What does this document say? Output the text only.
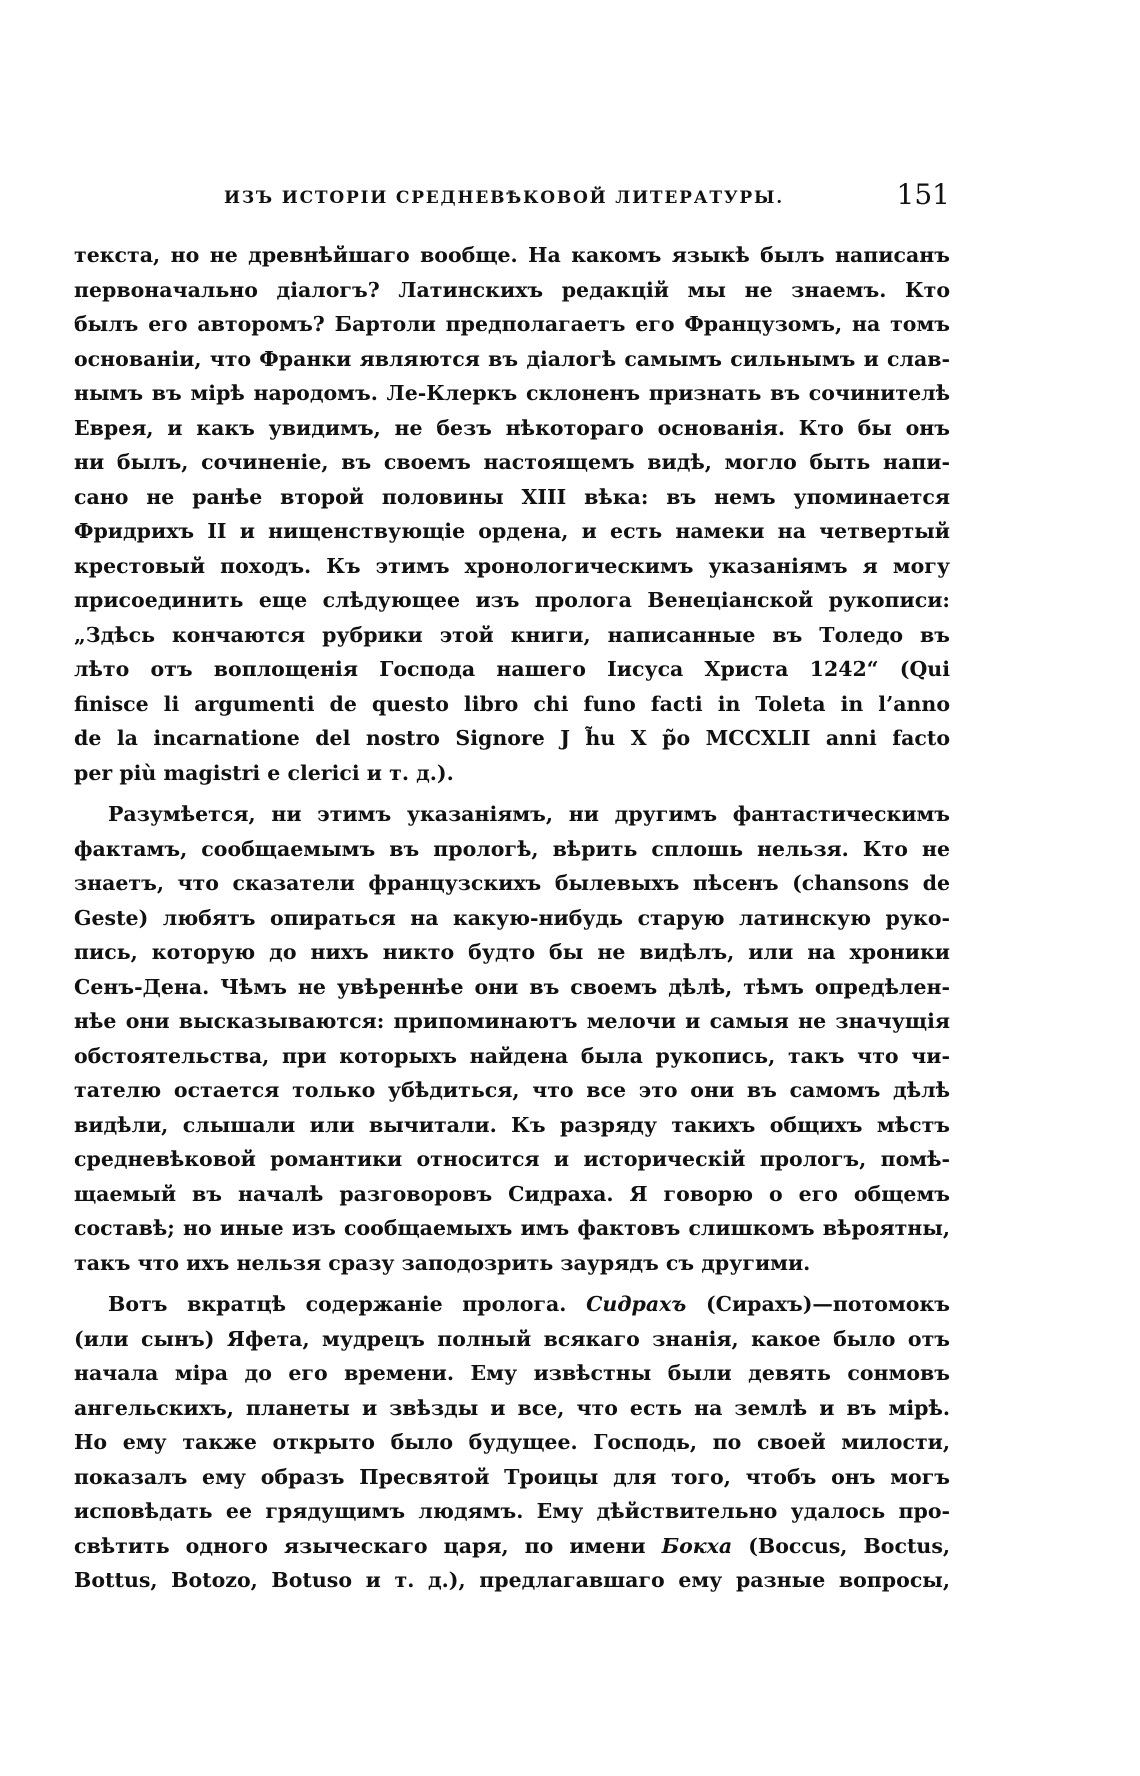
ИЗЪ ИСТОРІИ СРЕДНЕВѢКОВОЙ ЛИТЕРАТУРЫ.	151
текста, но не древнѣйшаго вообще. На какомъ языкѣ былъ написанъ
первоначально діалогъ? Латинскихъ редакцій мы не знаемъ. Кто
былъ его авторомъ? Бартоли предполагаетъ его Французомъ, на томъ
основаніи, что Франки являются въ діалогѣ самымъ сильнымъ и слав-
нымъ въ мірѣ народомъ. Ле-Клеркъ склоненъ признать въ сочинителѣ
Еврея, и какъ увидимъ, не безъ нѣкотораго основанія. Кто бы онъ
ни былъ, сочиненіе, въ своемъ настоящемъ видѣ, могло быть напи-
сано не ранѣе второй половины XIII вѣка: въ немъ упоминается
Фридрихъ II и нищенствующіе ордена, и есть намеки на четвертый
крестовый походъ. Къ этимъ хронологическимъ указаніямъ я могу
присоединить еще слѣдующее изъ пролога Венеціанской рукописи:
„Здѣсь кончаются рубрики этой книги, написанные въ Толедо въ
лѣто отъ воплощенія Господа нашего Іисуса Христа 1242“ (Qui
finisce li argumenti de questo libro chi funo facti in Toleta in l’anno
de la incarnatione del nostro Signore J h̃u X p̃o MCCXLII anni facto
per più magistri e clerici и т. д.).
Разумѣется, ни этимъ указаніямъ, ни другимъ фантастическимъ
фактамъ, сообщаемымъ въ прологѣ, вѣрить сплошь нельзя. Кто не
знаетъ, что сказатели французскихъ былевыхъ пѣсенъ (chansons de
Geste) любятъ опираться на какую-нибудь старую латинскую руко-
пись, которую до нихъ никто будто бы не видѣлъ, или на хроники
Сенъ-Дена. Чѣмъ не увѣреннѣе они въ своемъ дѣлѣ, тѣмъ опредѣлен-
нѣе они высказываются: припоминаютъ мелочи и самыя не значущія
обстоятельства, при которыхъ найдена была рукопись, такъ что чи-
тателю остается только убѣдиться, что все это они въ самомъ дѣлѣ
видѣли, слышали или вычитали. Къ разряду такихъ общихъ мѣстъ
средневѣковой романтики относится и историческій прологъ, помѣ-
щаемый въ началѣ разговоровъ Сидраха. Я говорю о его общемъ
составѣ; но иные изъ сообщаемыхъ имъ фактовъ слишкомъ вѣроятны,
такъ что ихъ нельзя сразу заподозрить заурядъ съ другими.
Вотъ вкратцѣ содержаніе пролога. Сидрахъ (Сирахъ)—потомокъ
(или сынъ) Яфета, мудрецъ полный всякаго знанія, какое было отъ
начала міра до его времени. Ему извѣстны были девять сонмовъ
ангельскихъ, планеты и звѣзды и все, что есть на землѣ и въ мірѣ.
Но ему также открыто было будущее. Господь, по своей милости,
показалъ ему образъ Пресвятой Троицы для того, чтобъ онъ могъ
исповѣдать ее грядущимъ людямъ. Ему дѣйствительно удалось про-
свѣтить одного языческаго царя, по имени Бокха (Boccus, Boctus,
Bottus, Botozo, Botuso и т. д.), предлагавшаго ему разные вопросы,
